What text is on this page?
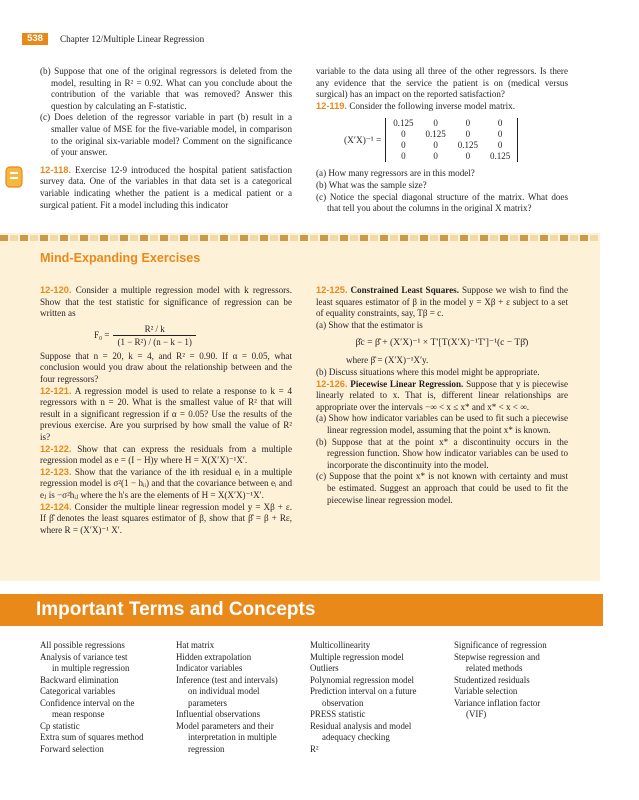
538	Chapter 12/Multiple Linear Regression
(b) Suppose that one of the original regressors is deleted from the model, resulting in R² = 0.92. What can you conclude about the contribution of the variable that was removed? Answer this question by calculating an F-statistic.
(c) Does deletion of the regressor variable in part (b) result in a smaller value of MSE for the five-variable model, in comparison to the original six-variable model? Comment on the significance of your answer.
12-118. Exercise 12-9 introduced the hospital patient satisfaction survey data. One of the variables in that data set is a categorical variable indicating whether the patient is a medical patient or a surgical patient. Fit a model including this indicator
variable to the data using all three of the other regressors. Is there any evidence that the service the patient is on (medical versus surgical) has an impact on the reported satisfaction?
12-119. Consider the following inverse model matrix.
(X′X)⁻¹ =
0.125	0	0	0
0	0.125	0	0
0	0	0.125	0
0	0	0	0.125
(a) How many regressors are in this model?
(b) What was the sample size?
(c) Notice the special diagonal structure of the matrix. What does that tell you about the columns in the original X matrix?
Mind-Expanding Exercises
12-120. Consider a multiple regression model with k regressors. Show that the test statistic for significance of regression can be written as
$F_0 = \frac{\text{R² / k}}{\text{(1 − R²) / (n − k − 1)}}$
Suppose that n = 20, k = 4, and R² = 0.90. If α = 0.05, what conclusion would you draw about the relationship between and the four regressors?
12-121. A regression model is used to relate a response to k = 4 regressors with n = 20. What is the smallest value of R² that will result in a significant regression if α = 0.05? Use the results of the previous exercise. Are you surprised by how small the value of R² is?
12-122. Show that can express the residuals from a multiple regression model as e = (I − H)y where H = X(X′X)⁻¹X′.
12-123. Show that the variance of the ith residual eᵢ in a multiple regression model is σ²(1 − hᵢᵢ) and that the covariance between eᵢ and eⱼ is −σ²hᵢⱼ where the h's are the elements of H = X(X′X)⁻¹X′.
12-124. Consider the multiple linear regression model y = Xβ + ε. If β̂ denotes the least squares estimator of β, show that β̂ = β + Rε, where R = (X′X)⁻¹ X′.
12-125. Constrained Least Squares. Suppose we wish to find the least squares estimator of β in the model y = Xβ + ε subject to a set of equality constraints, say, Tβ = c.
(a) Show that the estimator is
β̂c = β̂ + (X′X)⁻¹ × T′[T(X′X)⁻¹T′]⁻¹(c − Tβ̂)
where β̂ = (X′X)⁻¹X′y.
(b) Discuss situations where this model might be appropriate.
12-126. Piecewise Linear Regression. Suppose that y is piecewise linearly related to x. That is, different linear relationships are appropriate over the intervals −∞ < x ≤ x* and x* < x < ∞.
(a) Show how indicator variables can be used to fit such a piecewise linear regression model, assuming that the point x* is known.
(b) Suppose that at the point x* a discontinuity occurs in the regression function. Show how indicator variables can be used to incorporate the discontinuity into the model.
(c) Suppose that the point x* is not known with certainty and must be estimated. Suggest an approach that could be used to fit the piecewise linear regression model.
Important Terms and Concepts
All possible regressions
Analysis of variance test
in multiple regression
Backward elimination
Categorical variables
Confidence interval on the
mean response
Cp statistic
Extra sum of squares method
Forward selection
Hat matrix
Hidden extrapolation
Indicator variables
Inference (test and intervals)
on individual model
parameters
Influential observations
Model parameters and their
interpretation in multiple
regression
Multicollinearity
Multiple regression model
Outliers
Polynomial regression model
Prediction interval on a future
observation
PRESS statistic
Residual analysis and model
adequacy checking
R²
Significance of regression
Stepwise regression and
related methods
Studentized residuals
Variable selection
Variance inflation factor
(VIF)
